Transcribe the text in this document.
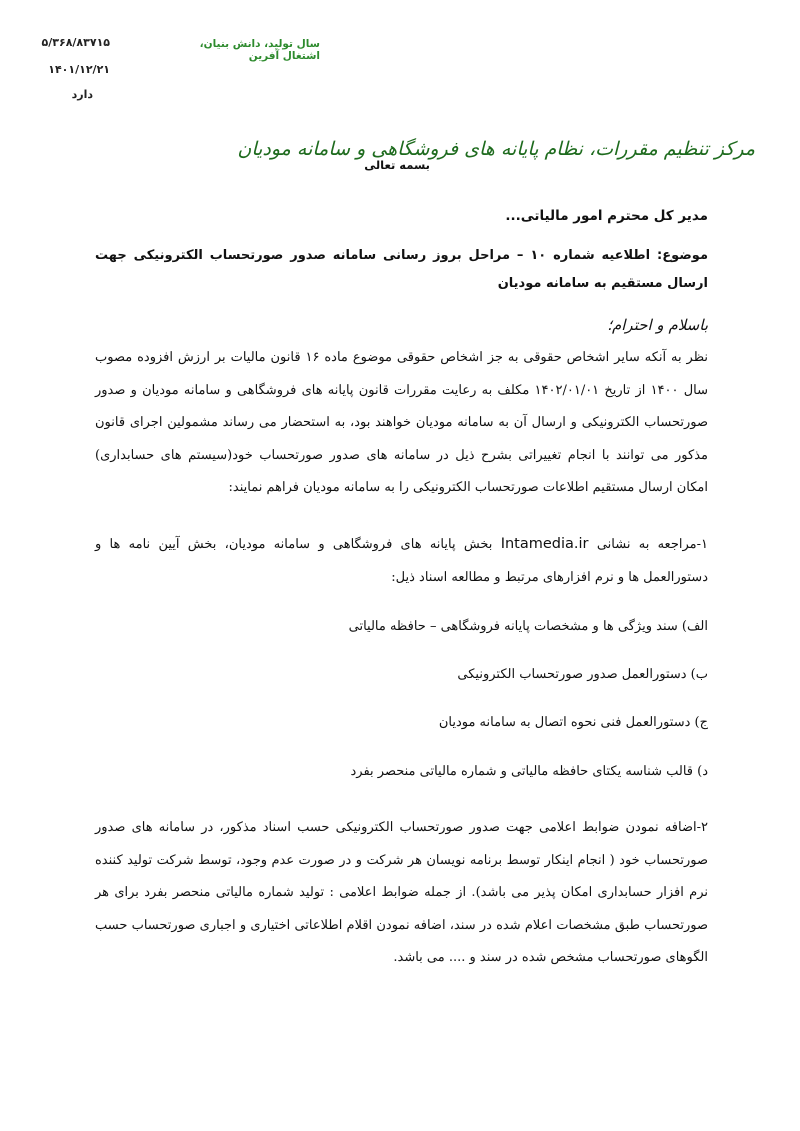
۵/۳۶۸/۸۳۷۱۵
۱۴۰۱/۱۲/۲۱
دارد
سال تولید، دانش بنیان، اشتغال آفرین
مرکز تنظیم مقررات، نظام پایانه های فروشگاهی و سامانه مودیان
بسمه تعالی
مدیر کل محترم امور مالیاتی...
موضوع: اطلاعیه شماره ۱۰ – مراحل بروز رسانی سامانه صدور صورتحساب الکترونیکی جهت ارسال مستقیم به سامانه مودیان
باسلام و احترام؛
نظر به آنکه سایر اشخاص حقوقی به جز اشخاص حقوقی موضوع ماده ۱۶ قانون مالیات بر ارزش افزوده مصوب سال ۱۴۰۰ از تاریخ ۱۴۰۲/۰۱/۰۱ مکلف به رعایت مقررات قانون پایانه های فروشگاهی و سامانه مودیان و صدور صورتحساب الکترونیکی و ارسال آن به سامانه مودیان خواهند بود، به استحضار می رساند مشمولین اجرای قانون مذکور می توانند با انجام تغییراتی بشرح ذیل در سامانه های صدور صورتحساب خود(سیستم های حسابداری) امکان ارسال مستقیم اطلاعات صورتحساب الکترونیکی را به سامانه مودیان فراهم نمایند:
۱-مراجعه به نشانی Intamedia.ir بخش پایانه های فروشگاهی و سامانه مودیان، بخش آیین نامه ها و دستورالعمل ها و نرم افزارهای مرتبط و مطالعه اسناد ذیل:
الف) سند ویژگی ها و مشخصات پایانه فروشگاهی – حافظه مالیاتی
ب) دستورالعمل صدور صورتحساب الکترونیکی
ج) دستورالعمل فنی نحوه اتصال به سامانه مودیان
د) قالب شناسه یکتای حافظه مالیاتی و شماره مالیاتی منحصر بفرد
۲-اضافه نمودن ضوابط اعلامی جهت صدور صورتحساب الکترونیکی حسب اسناد مذکور، در سامانه های صدور صورتحساب خود ( انجام اینکار توسط برنامه نویسان هر شرکت و در صورت عدم وجود، توسط شرکت تولید کننده نرم افزار حسابداری امکان پذیر می باشد). از جمله ضوابط اعلامی : تولید شماره مالیاتی منحصر بفرد برای هر صورتحساب طبق مشخصات اعلام شده در سند، اضافه نمودن اقلام اطلاعاتی اختیاری و اجباری صورتحساب حسب الگوهای صورتحساب مشخص شده در سند و .... می باشد.
